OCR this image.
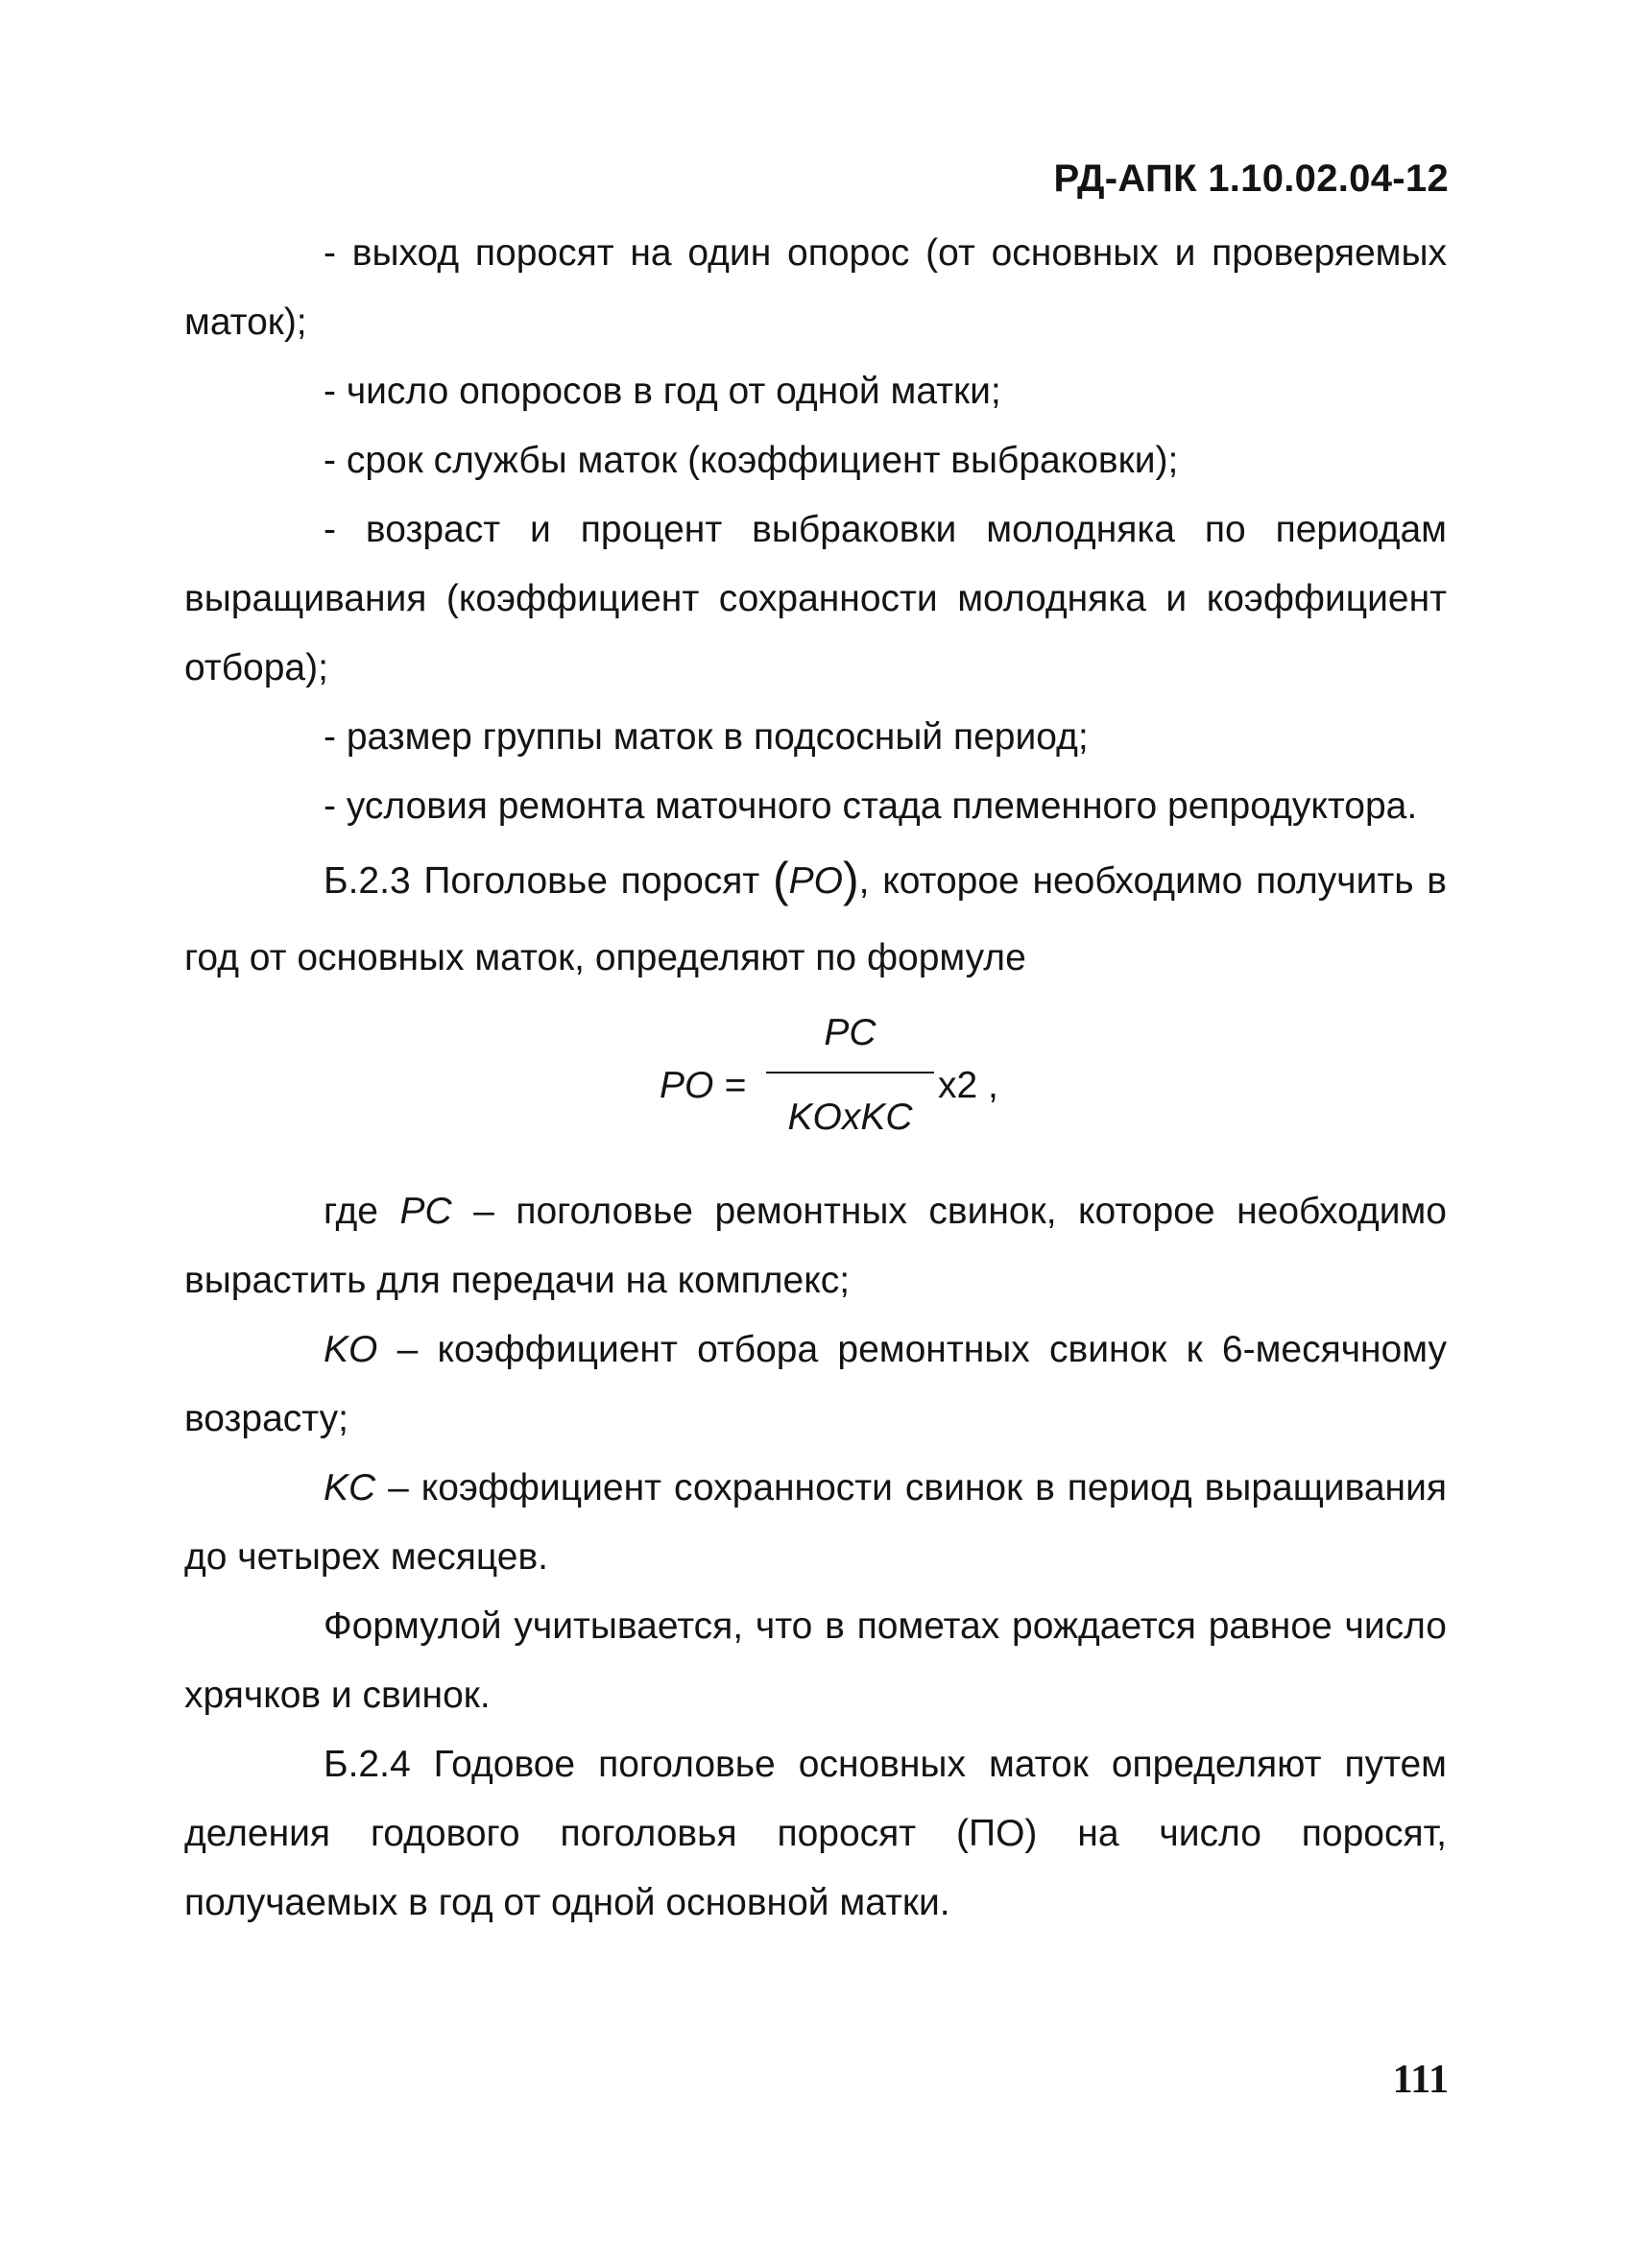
РД-АПК 1.10.02.04-12

- выход поросят на один опорос (от основных и проверяемых маток);

- число опоросов в год от одной матки;

- срок службы маток (коэффициент выбраковки);

- возраст и процент выбраковки молодняка по периодам выращивания (коэффициент сохранности молодняка и коэффициент отбора);

- размер группы маток в подсосный период;

- условия ремонта маточного стада племенного репродуктора.

Б.2.3 Поголовье поросят (PO), которое необходимо получить в год от основных маток, определяют по формуле

PO =
PC
KOxKC
x2 ,

где PC – поголовье ремонтных свинок, которое необходимо вырастить для передачи на комплекс;

KO – коэффициент отбора ремонтных свинок к 6-месячному возрасту;

KC – коэффициент сохранности свинок в период выращивания до четырех месяцев.

Формулой учитывается, что в пометах рождается равное число хрячков и свинок.

Б.2.4 Годовое поголовье основных маток определяют путем деления годового поголовья поросят (ПО) на число поросят, получаемых в год от одной основной матки.

111
